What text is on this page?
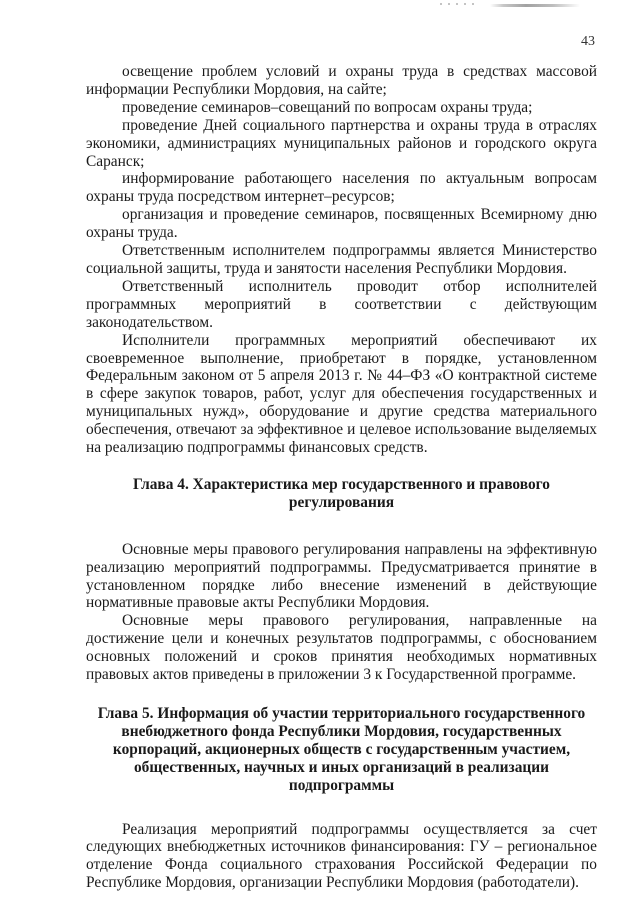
43

освещение проблем условий и охраны труда в средствах массовой информации Республики Мордовия, на сайте;

проведение семинаров–совещаний по вопросам охраны труда;

проведение Дней социального партнерства и охраны труда в отраслях экономики, администрациях муниципальных районов и городского округа Саранск;

информирование работающего населения по актуальным вопросам охраны труда посредством интернет–ресурсов;

организация и проведение семинаров, посвященных Всемирному дню охраны труда.

Ответственным исполнителем подпрограммы является Министерство социальной защиты, труда и занятости населения Республики Мордовия.

Ответственный исполнитель проводит отбор исполнителей программных мероприятий в соответствии с действующим законодательством.

Исполнители программных мероприятий обеспечивают их своевременное выполнение, приобретают в порядке, установленном Федеральным законом от 5 апреля 2013 г. № 44–ФЗ «О контрактной системе в сфере закупок товаров, работ, услуг для обеспечения государственных и муниципальных нужд», оборудование и другие средства материального обеспечения, отвечают за эффективное и целевое использование выделяемых на реализацию подпрограммы финансовых средств.

Глава 4. Характеристика мер государственного и правового регулирования

Основные меры правового регулирования направлены на эффективную реализацию мероприятий подпрограммы. Предусматривается принятие в установленном порядке либо внесение изменений в действующие нормативные правовые акты Республики Мордовия.

Основные меры правового регулирования, направленные на достижение цели и конечных результатов подпрограммы, с обоснованием основных положений и сроков принятия необходимых нормативных правовых актов приведены в приложении 3 к Государственной программе.

Глава 5. Информация об участии территориального государственного внебюджетного фонда Республики Мордовия, государственных корпораций, акционерных обществ с государственным участием, общественных, научных и иных организаций в реализации подпрограммы

Реализация мероприятий подпрограммы осуществляется за счет следующих внебюджетных источников финансирования: ГУ – региональное отделение Фонда социального страхования Российской Федерации по Республике Мордовия, организации Республики Мордовия (работодатели).
